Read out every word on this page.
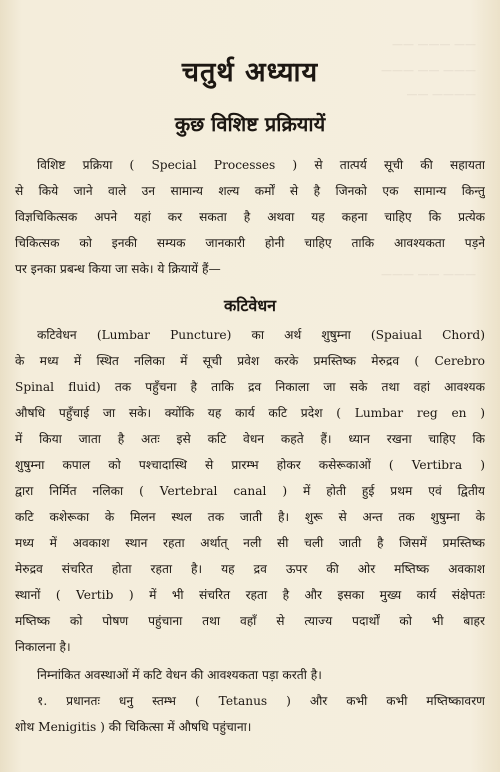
—— ——— ——
——— —— ———
—— ————
——— —— ———
चतुर्थ अध्याय
कुछ विशिष्ट प्रक्रियायें

विशिष्ट प्रक्रिया ( Special Processes ) से तात्पर्य सूची की सहायता

से किये जाने वाले उन सामान्य शल्य कर्मों से है जिनको एक सामान्य किन्तु

विज्ञचिकित्सक अपने यहां कर सकता है अथवा यह कहना चाहिए कि प्रत्येक

चिकित्सक को इनकी सम्यक जानकारी होनी चाहिए ताकि आवश्यकता पड़ने

पर इनका प्रबन्ध किया जा सके। ये क्रियायें हैं—

कटिवेधन

कटिवेधन (Lumbar Puncture) का अर्थ शुषुम्ना (Spaiual Chord)

के मध्य में स्थित नलिका में सूची प्रवेश करके प्रमस्तिष्क मेरुद्रव ( Cerebro

Spinal fluid) तक पहुँचना है ताकि द्रव निकाला जा सके तथा वहां आवश्यक

औषधि पहुँचाई जा सके। क्योंकि यह कार्य कटि प्रदेश ( Lumbar reg en )

में किया जाता है अतः इसे कटि वेधन कहते हैं। ध्यान रखना चाहिए कि

शुषुम्ना कपाल को पश्चादास्थि से प्रारम्भ होकर कसेरूकाओं ( Vertibra )

द्वारा निर्मित नलिका ( Vertebral canal ) में होती हुई प्रथम एवं द्वितीय

कटि कशेरूका के मिलन स्थल तक जाती है। शुरू से अन्त तक शुषुम्ना के

मध्य में अवकाश स्थान रहता अर्थात् नली सी चली जाती है जिसमें प्रमस्तिष्क

मेरुद्रव संचरित होता रहता है। यह द्रव ऊपर की ओर मष्तिष्क अवकाश

स्थानों ( Vertib ) में भी संचरित रहता है और इसका मुख्य कार्य संक्षेपतः

मष्तिष्क को पोषण पहुंचाना तथा वहाँ से त्याज्य पदार्थों को भी बाहर

निकालना है।

निम्नांकित अवस्थाओं में कटि वेधन की आवश्यकता पड़ा करती है।

१. प्रधानतः धनु स्तम्भ ( Tetanus ) और कभी कभी मष्तिष्कावरण

शोथ Menigitis ) की चिकित्सा में औषधि पहुंचाना।
